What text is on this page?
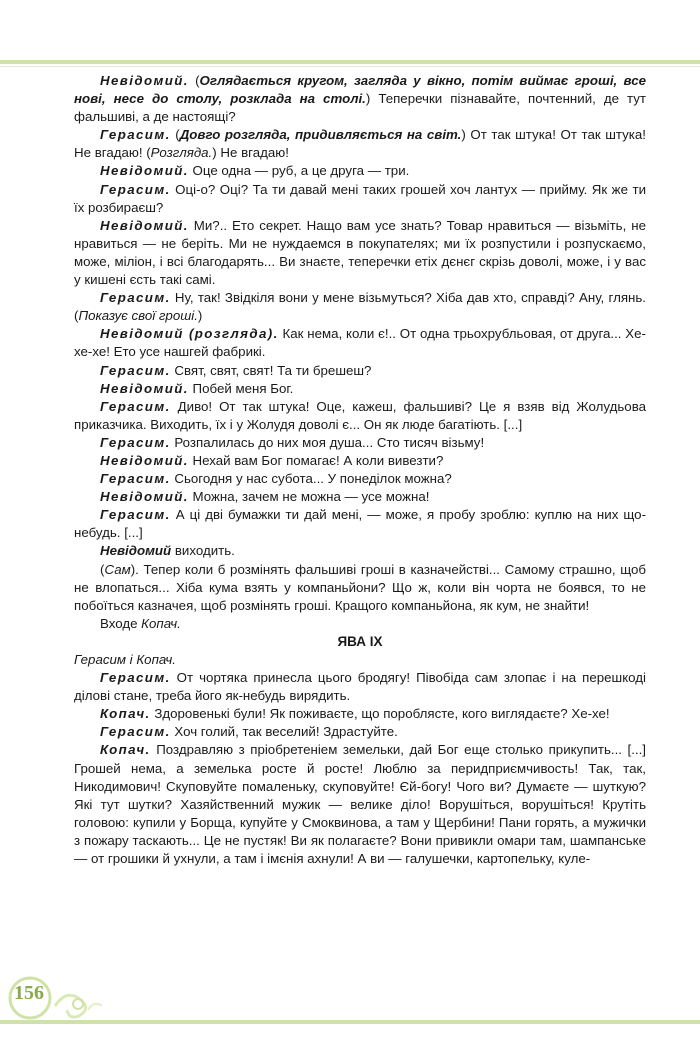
Невідомий. (Оглядається кругом, загляда у вікно, потім виймає гроші, все нові, несе до столу, розклада на столі.) Теперечки пізнавайте, почтенний, де тут фальшиві, а де настоящі?

Герасим. (Довго розгляда, придивляється на світ.) От так штука! От так штука! Не вгадаю! (Розгляда.) Не вгадаю!

Невідомий. Оце одна — руб, а це друга — три.

Герасим. Оці-о? Оці? Та ти давай мені таких грошей хоч лантух — прийму. Як же ти їх розбираєш?

Невідомий. Ми?.. Ето секрет. Нащо вам усе знать? Товар нравиться — візьміть, не нравиться — не беріть. Ми не нуждаемся в покупателях; ми їх розпустили і розпускаємо, може, міліон, і всі благодарять... Ви знаєте, теперечки етіх дєнєг скрізь доволі, може, і у вас у кишені єсть такі самі.

Герасим. Ну, так! Звідкіля вони у мене візьмуться? Хіба дав хто, справді? Ану, глянь. (Показує свої гроші.)

Невідомий (розгляда). Как нема, коли є!.. От одна трьохрубльовая, от друга... Хе-хе-хе! Ето усе нашгей фабрикі.

Герасим. Свят, свят, свят! Та ти брешеш?

Невідомий. Побей меня Бог.

Герасим. Диво! От так штука! Оце, кажеш, фальшиві? Це я взяв від Жолудьова приказчика. Виходить, їх і у Жолудя доволі є... Он як люде багатіють. [...]

Герасим. Розпалилась до них моя душа... Сто тисяч візьму!

Невідомий. Нехай вам Бог помагає! А коли вивезти?

Герасим. Сьогодня у нас субота... У понеділок можна?

Невідомий. Можна, зачем не можна — усе можна!

Герасим. А ці дві бумажки ти дай мені, — може, я пробу зроблю: куплю на них що-небудь. [...]

Невідомий виходить.

(Сам). Тепер коли б розмінять фальшиві гроші в казначействі... Самому страшно, щоб не влопаться... Хіба кума взять у компаньйони? Що ж, коли він чорта не боявся, то не побоїться казначея, щоб розмінять гроші. Кращого компаньйона, як кум, не знайти!

Входе Копач.

ЯВА ІХ

Герасим і Копач.

Герасим. От чортяка принесла цього бродягу! Півобіда сам злопає і на перешкоді ділові стане, треба його як-небудь вирядить.

Копач. Здоровенькі були! Як поживаєте, що пороблясте, кого виглядаєте? Хе-хе!

Герасим. Хоч голий, так веселий! Здрастуйте.

Копач. Поздравляю з пріобретеніем земельки, дай Бог еще столько прикупить... [...] Грошей нема, а земелька росте й росте! Люблю за перидприємчивость! Так, так, Никодимович! Скуповуйте помаленьку, скуповуйте! Єй-богу! Чого ви? Думаєте — шуткую? Які тут шутки? Хазяйственний мужик — велике діло! Ворушіться, ворушіться! Крутіть головою: купили у Борща, купуйте у Смоквинова, а там у Щербини! Пани горять, а мужички з пожару таскають... Це не пустяк! Ви як полагаєте? Вони привикли омари там, шампанське — от грошики й ухнули, а там і імєнія ахнули! А ви — галушечки, картопельку, куле-

156
